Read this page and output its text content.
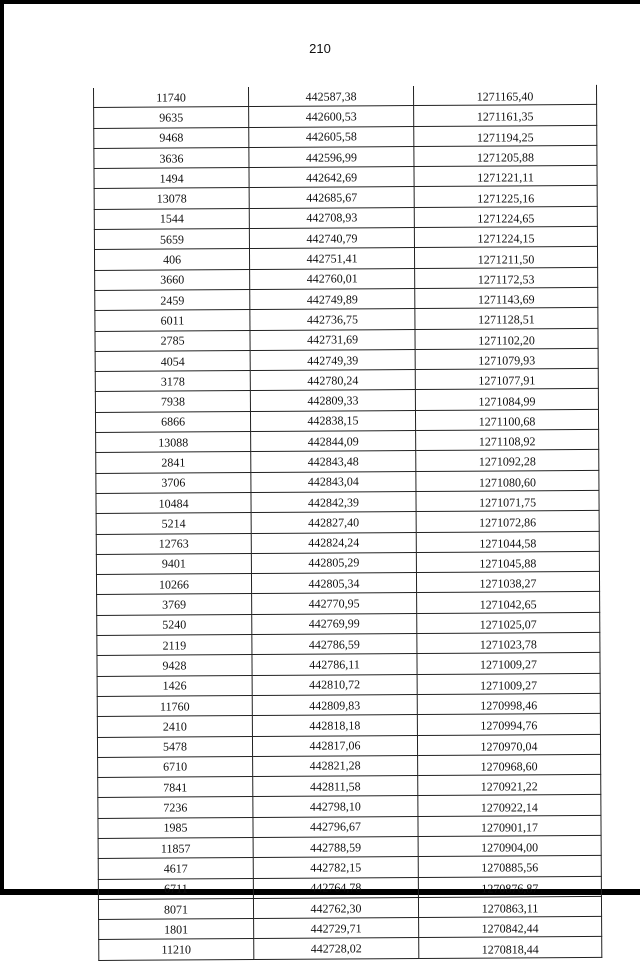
210
11740	442587,38	1271165,40
9635	442600,53	1271161,35
9468	442605,58	1271194,25
3636	442596,99	1271205,88
1494	442642,69	1271221,11
13078	442685,67	1271225,16
1544	442708,93	1271224,65
5659	442740,79	1271224,15
406	442751,41	1271211,50
3660	442760,01	1271172,53
2459	442749,89	1271143,69
6011	442736,75	1271128,51
2785	442731,69	1271102,20
4054	442749,39	1271079,93
3178	442780,24	1271077,91
7938	442809,33	1271084,99
6866	442838,15	1271100,68
13088	442844,09	1271108,92
2841	442843,48	1271092,28
3706	442843,04	1271080,60
10484	442842,39	1271071,75
5214	442827,40	1271072,86
12763	442824,24	1271044,58
9401	442805,29	1271045,88
10266	442805,34	1271038,27
3769	442770,95	1271042,65
5240	442769,99	1271025,07
2119	442786,59	1271023,78
9428	442786,11	1271009,27
1426	442810,72	1271009,27
11760	442809,83	1270998,46
2410	442818,18	1270994,76
5478	442817,06	1270970,04
6710	442821,28	1270968,60
7841	442811,58	1270921,22
7236	442798,10	1270922,14
1985	442796,67	1270901,17
11857	442788,59	1270904,00
4617	442782,15	1270885,56
6711	442764,78	1270876,87
8071	442762,30	1270863,11
1801	442729,71	1270842,44
11210	442728,02	1270818,44
